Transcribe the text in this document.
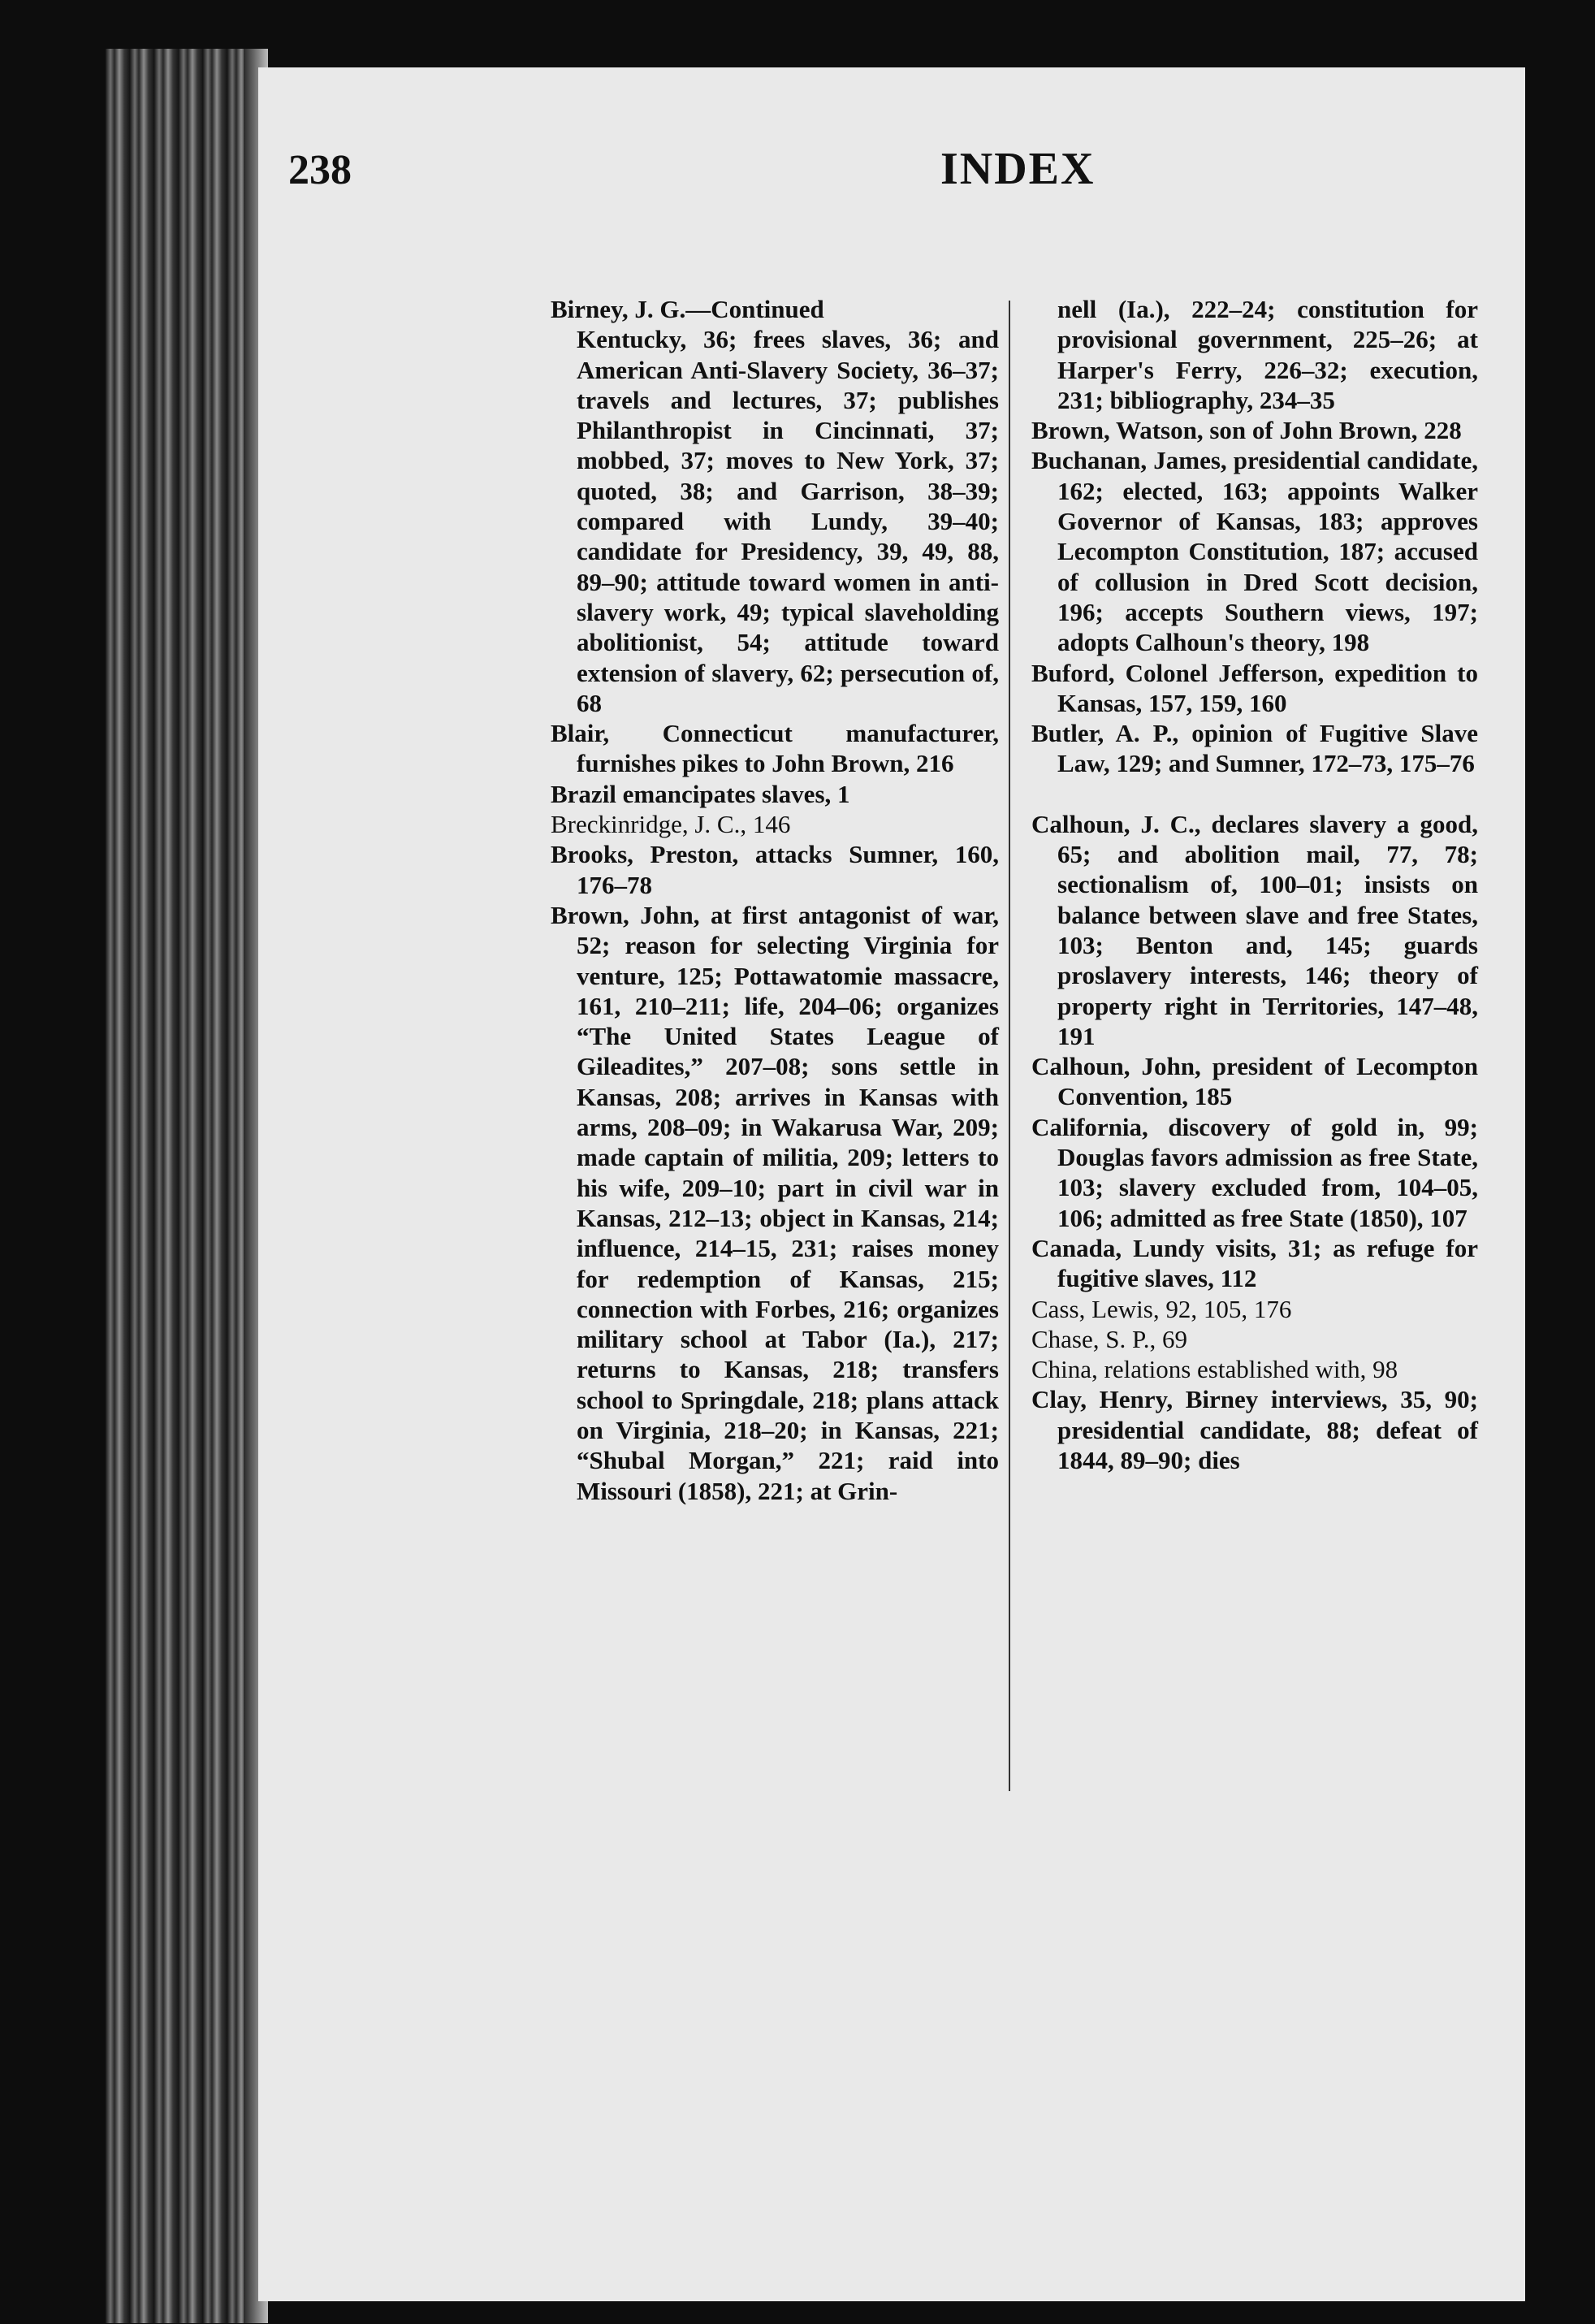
238	INDEX

Birney, J. G.—Continued

Kentucky, 36; frees slaves, 36; and American Anti-Slavery Society, 36–37; travels and lectures, 37; publishes Philanthropist in Cincinnati, 37; mobbed, 37; moves to New York, 37; quoted, 38; and Garrison, 38–39; compared with Lundy, 39–40; candidate for Presidency, 39, 49, 88, 89–90; attitude toward women in anti-slavery work, 49; typical slaveholding abolitionist, 54; attitude toward extension of slavery, 62; persecution of, 68

Blair, Connecticut manufacturer, furnishes pikes to John Brown, 216

Brazil emancipates slaves, 1

Breckinridge, J. C., 146

Brooks, Preston, attacks Sumner, 160, 176–78

Brown, John, at first antagonist of war, 52; reason for selecting Virginia for venture, 125; Pottawatomie massacre, 161, 210–211; life, 204–06; organizes “The United States League of Gileadites,” 207–08; sons settle in Kansas, 208; arrives in Kansas with arms, 208–09; in Wakarusa War, 209; made captain of militia, 209; letters to his wife, 209–10; part in civil war in Kansas, 212–13; object in Kansas, 214; influence, 214–15, 231; raises money for redemption of Kansas, 215; connection with Forbes, 216; organizes military school at Tabor (Ia.), 217; returns to Kansas, 218; transfers school to Springdale, 218; plans attack on Virginia, 218–20; in Kansas, 221; “Shubal Morgan,” 221; raid into Missouri (1858), 221; at Grin-

nell (Ia.), 222–24; constitution for provisional government, 225–26; at Harper's Ferry, 226–32; execution, 231; bibliography, 234–35

Brown, Watson, son of John Brown, 228

Buchanan, James, presidential candidate, 162; elected, 163; appoints Walker Governor of Kansas, 183; approves Lecompton Constitution, 187; accused of collusion in Dred Scott decision, 196; accepts Southern views, 197; adopts Calhoun's theory, 198

Buford, Colonel Jefferson, expedition to Kansas, 157, 159, 160

Butler, A. P., opinion of Fugitive Slave Law, 129; and Sumner, 172–73, 175–76

Calhoun, J. C., declares slavery a good, 65; and abolition mail, 77, 78; sectionalism of, 100–01; insists on balance between slave and free States, 103; Benton and, 145; guards proslavery interests, 146; theory of property right in Territories, 147–48, 191

Calhoun, John, president of Lecompton Convention, 185

California, discovery of gold in, 99; Douglas favors admission as free State, 103; slavery excluded from, 104–05, 106; admitted as free State (1850), 107

Canada, Lundy visits, 31; as refuge for fugitive slaves, 112

Cass, Lewis, 92, 105, 176

Chase, S. P., 69

China, relations established with, 98

Clay, Henry, Birney interviews, 35, 90; presidential candidate, 88; defeat of 1844, 89–90; dies
